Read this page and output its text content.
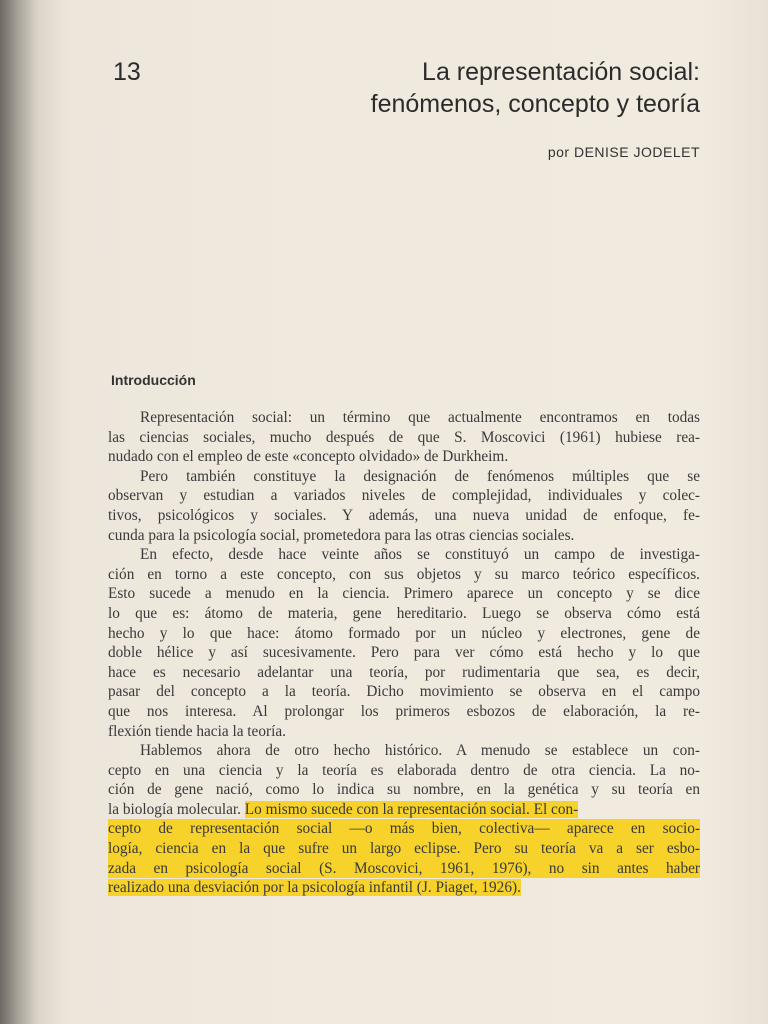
13	La representación social:
fenómenos, concepto y teoría
por DENISE JODELET
Introducción
Representación social: un término que actualmente encontramos en todas
las ciencias sociales, mucho después de que S. Moscovici (1961) hubiese rea-
nudado con el empleo de este «concepto olvidado» de Durkheim.
Pero también constituye la designación de fenómenos múltiples que se
observan y estudian a variados niveles de complejidad, individuales y colec-
tivos, psicológicos y sociales. Y además, una nueva unidad de enfoque, fe-
cunda para la psicología social, prometedora para las otras ciencias sociales.
En efecto, desde hace veinte años se constituyó un campo de investiga-
ción en torno a este concepto, con sus objetos y su marco teórico específicos.
Esto sucede a menudo en la ciencia. Primero aparece un concepto y se dice
lo que es: átomo de materia, gene hereditario. Luego se observa cómo está
hecho y lo que hace: átomo formado por un núcleo y electrones, gene de
doble hélice y así sucesivamente. Pero para ver cómo está hecho y lo que
hace es necesario adelantar una teoría, por rudimentaria que sea, es decir,
pasar del concepto a la teoría. Dicho movimiento se observa en el campo
que nos interesa. Al prolongar los primeros esbozos de elaboración, la re-
flexión tiende hacia la teoría.
Hablemos ahora de otro hecho histórico. A menudo se establece un con-
cepto en una ciencia y la teoría es elaborada dentro de otra ciencia. La no-
ción de gene nació, como lo indica su nombre, en la genética y su teoría en
la biología molecular. Lo mismo sucede con la representación social. El con-
cepto de representación social —o más bien, colectiva— aparece en socio-
logía, ciencia en la que sufre un largo eclipse. Pero su teoría va a ser esbo-
zada en psicología social (S. Moscovici, 1961, 1976), no sin antes haber
realizado una desviación por la psicología infantil (J. Piaget, 1926).
